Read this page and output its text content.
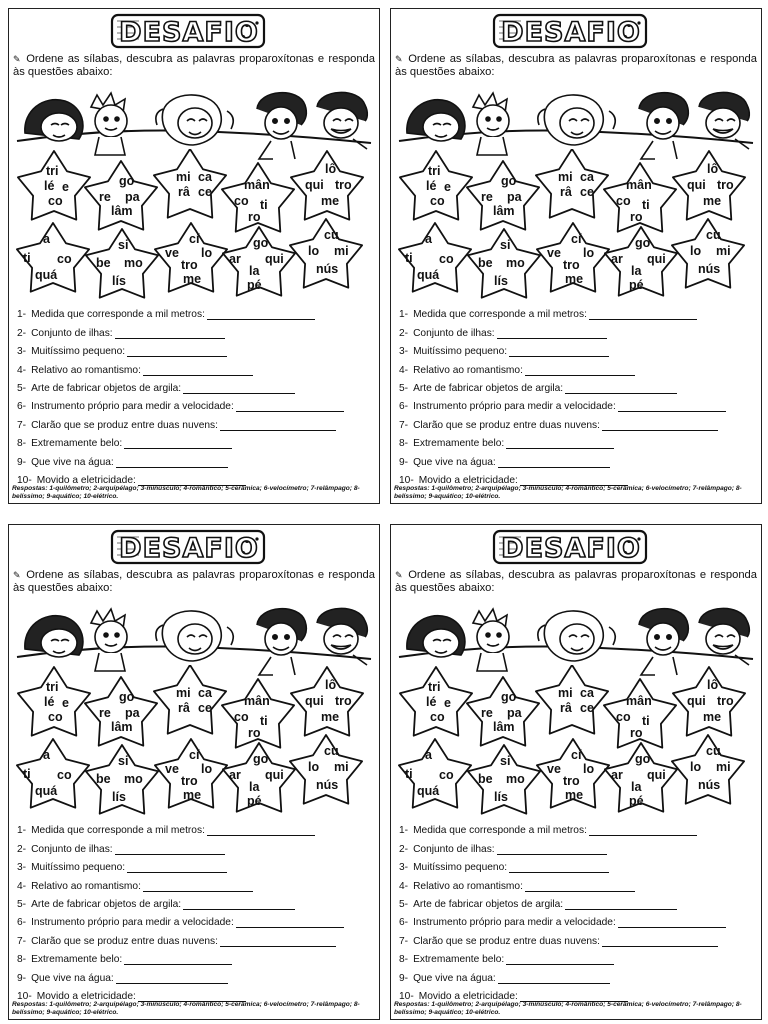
DESAFIO
✎ Ordene as sílabas, descubra as palavras proparoxítonas e responda às questões abaixo:
tri
lé e
co
go
re pa
lâm
mi ca
râ ce	mân
co ti
ro
lô
qui tro
me
a
ti co
quá
si
be mo
lís
cí
ve lo
tro
me
go
ar qui
la
pé
cu
lo mi
nús
1- Medida que corresponde a mil metros:
2- Conjunto de ilhas:
3- Muitíssimo pequeno:
4- Relativo ao romantismo:
5- Arte de fabricar objetos de argila:
6- Instrumento próprio para medir a velocidade:
7- Clarão que se produz entre duas nuvens:
8- Extremamente belo:
9- Que vive na água:
10- Movido a eletricidade:
Respostas: 1-quilômetro; 2-arquipélago; 3-minúsculo; 4-romântico; 5-cerâmica; 6-velocímetro; 7-relâmpago; 8-belíssimo; 9-aquático; 10-elétrico.
DESAFIO
✎ Ordene as sílabas, descubra as palavras proparoxítonas e responda às questões abaixo:
tri
lé e
co
go
re pa
lâm
mi ca
râ ce	mân
co ti
ro
lô
qui tro
me
a
ti co
quá
si
be mo
lís
cí
ve lo
tro
me
go
ar qui
la
pé
cu
lo mi
nús
1- Medida que corresponde a mil metros:
2- Conjunto de ilhas:
3- Muitíssimo pequeno:
4- Relativo ao romantismo:
5- Arte de fabricar objetos de argila:
6- Instrumento próprio para medir a velocidade:
7- Clarão que se produz entre duas nuvens:
8- Extremamente belo:
9- Que vive na água:
10- Movido a eletricidade:
Respostas: 1-quilômetro; 2-arquipélago; 3-minúsculo; 4-romântico; 5-cerâmica; 6-velocímetro; 7-relâmpago; 8-belíssimo; 9-aquático; 10-elétrico.
DESAFIO
✎ Ordene as sílabas, descubra as palavras proparoxítonas e responda às questões abaixo:
tri
lé e
co
go
re pa
lâm
mi ca
râ ce	mân
co ti
ro
lô
qui tro
me
a
ti co
quá
si
be mo
lís
cí
ve lo
tro
me
go
ar qui
la
pé
cu
lo mi
nús
1- Medida que corresponde a mil metros:
2- Conjunto de ilhas:
3- Muitíssimo pequeno:
4- Relativo ao romantismo:
5- Arte de fabricar objetos de argila:
6- Instrumento próprio para medir a velocidade:
7- Clarão que se produz entre duas nuvens:
8- Extremamente belo:
9- Que vive na água:
10- Movido a eletricidade:
Respostas: 1-quilômetro; 2-arquipélago; 3-minúsculo; 4-romântico; 5-cerâmica; 6-velocímetro; 7-relâmpago; 8-belíssimo; 9-aquático; 10-elétrico.
DESAFIO
✎ Ordene as sílabas, descubra as palavras proparoxítonas e responda às questões abaixo:
tri
lé e
co
go
re pa
lâm
mi ca
râ ce	mân
co ti
ro
lô
qui tro
me
a
ti co
quá
si
be mo
lís
cí
ve lo
tro
me
go
ar qui
la
pé
cu
lo mi
nús
1- Medida que corresponde a mil metros:
2- Conjunto de ilhas:
3- Muitíssimo pequeno:
4- Relativo ao romantismo:
5- Arte de fabricar objetos de argila:
6- Instrumento próprio para medir a velocidade:
7- Clarão que se produz entre duas nuvens:
8- Extremamente belo:
9- Que vive na água:
10- Movido a eletricidade:
Respostas: 1-quilômetro; 2-arquipélago; 3-minúsculo; 4-romântico; 5-cerâmica; 6-velocímetro; 7-relâmpago; 8-belíssimo; 9-aquático; 10-elétrico.
